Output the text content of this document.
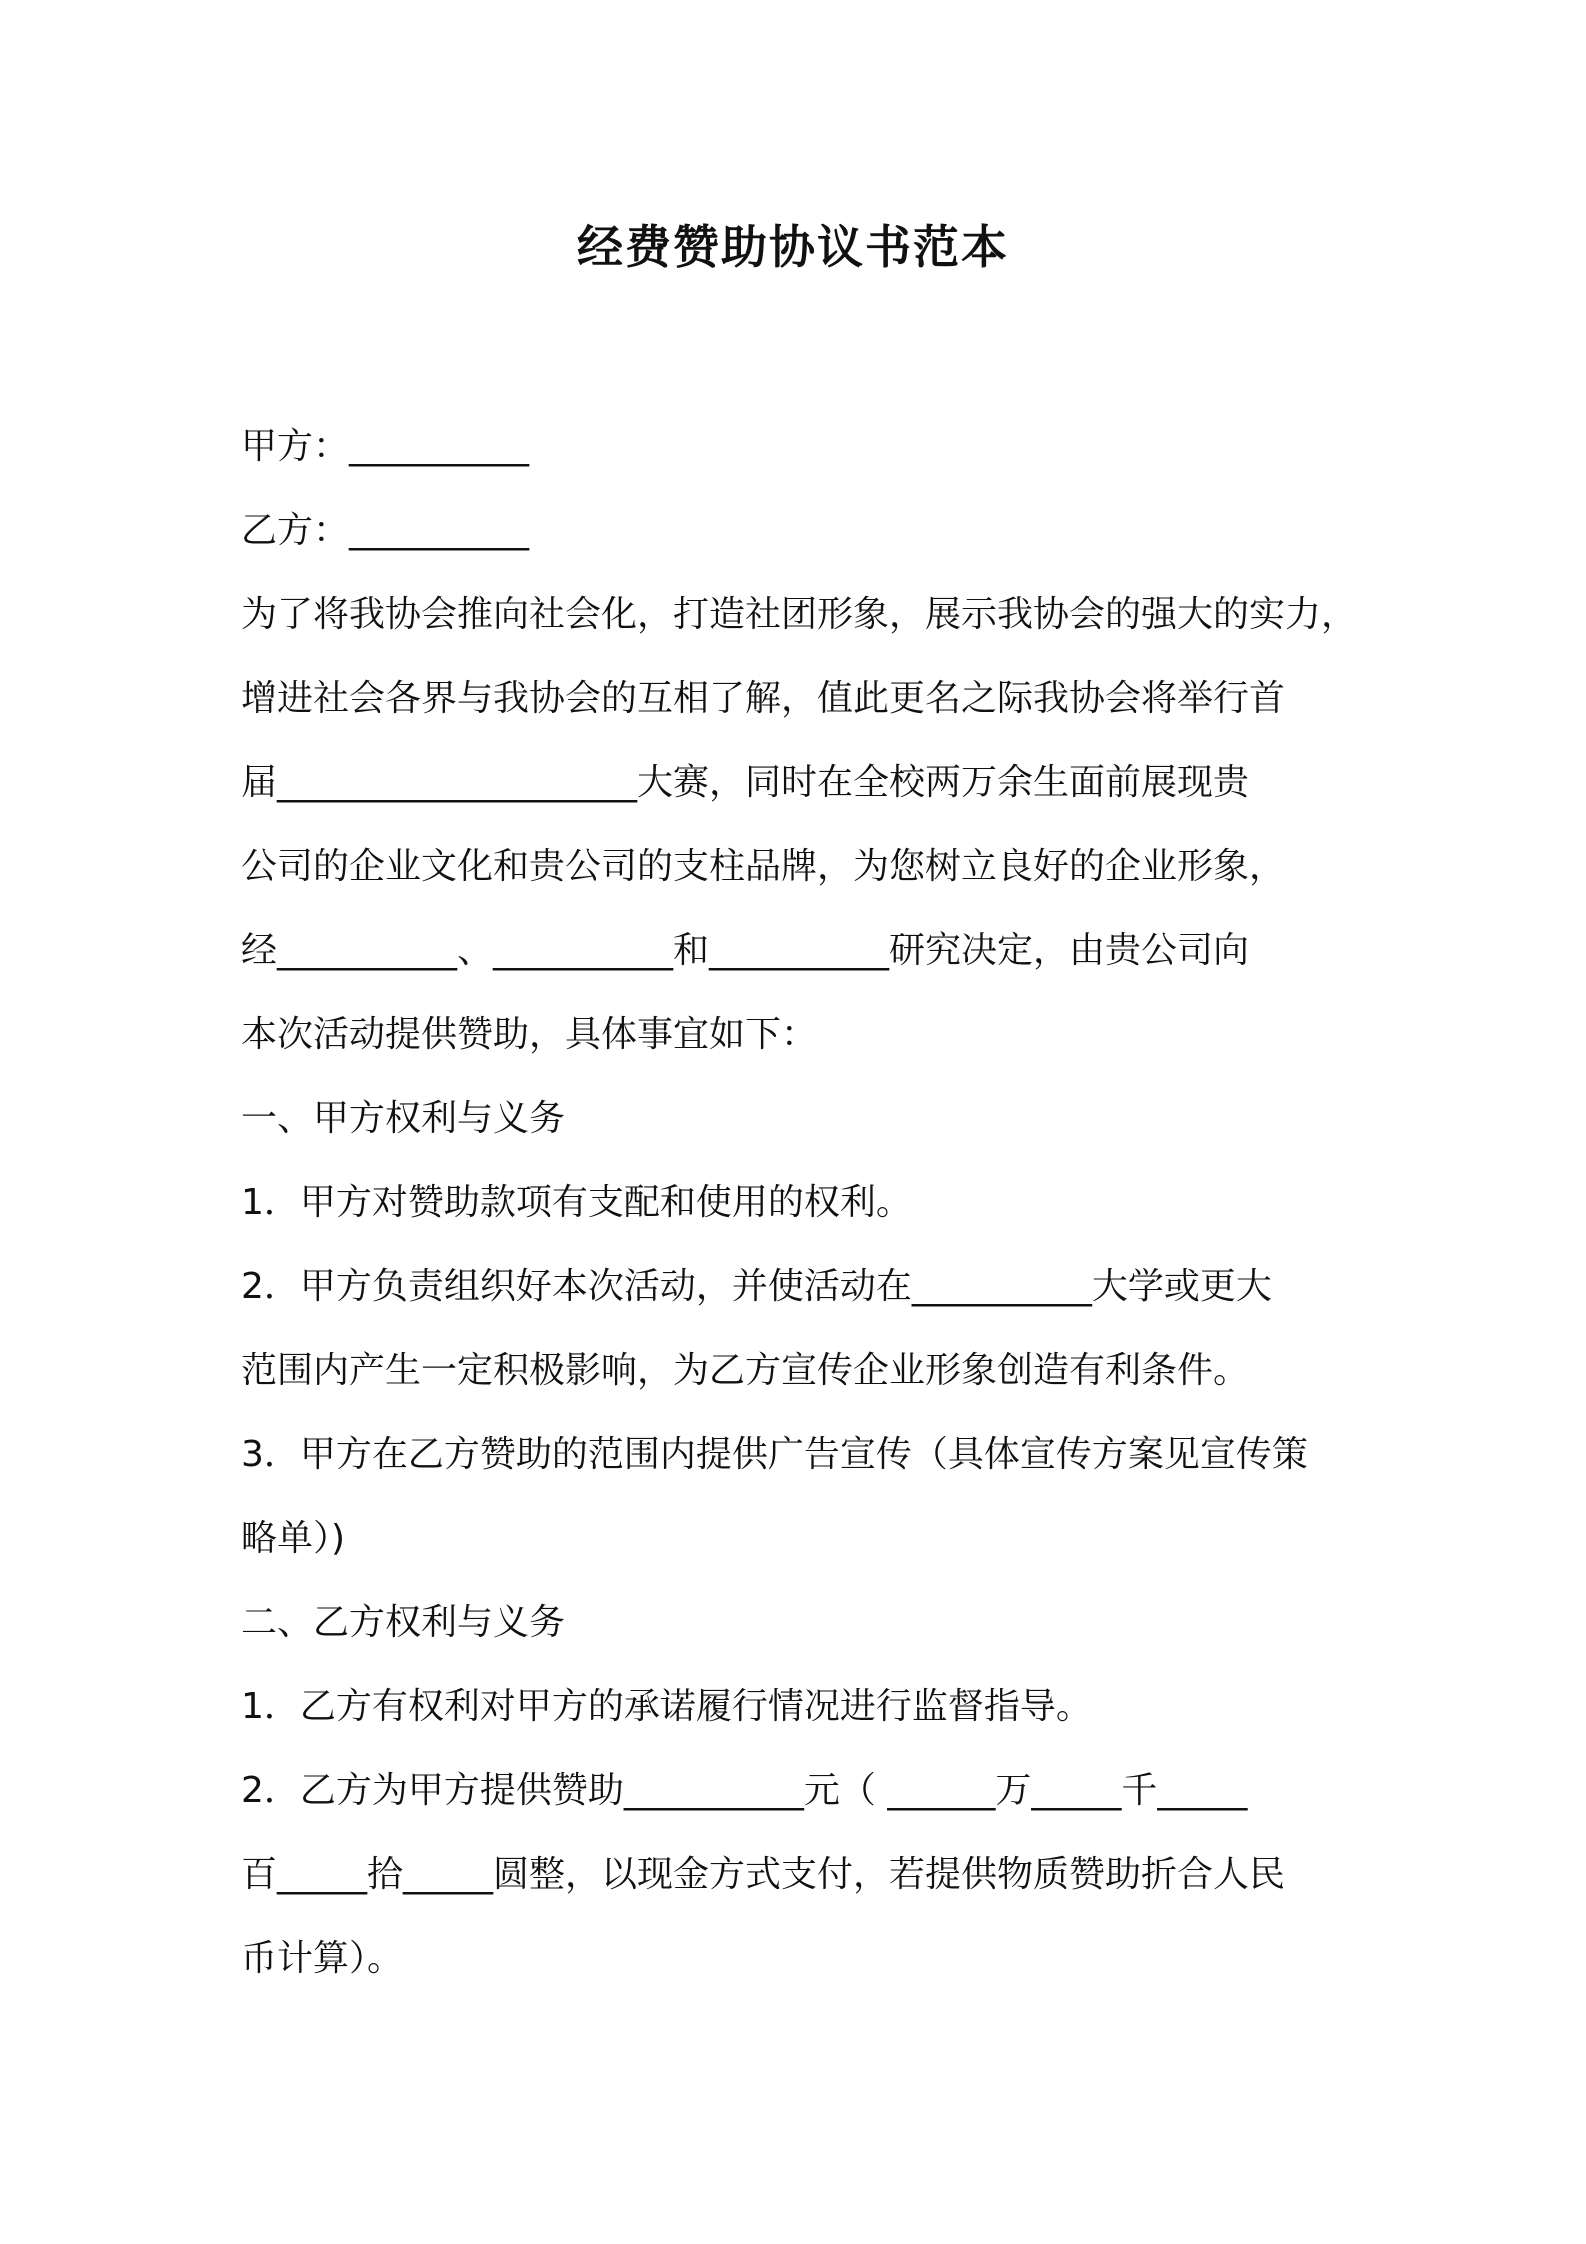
经费赞助协议书范本
甲方：__________
乙方：__________
为了将我协会推向社会化，打造社团形象，展示我协会的强大的实力，
增进社会各界与我协会的互相了解，值此更名之际我协会将举行首
届____________________大赛，同时在全校两万余生面前展现贵
公司的企业文化和贵公司的支柱品牌，为您树立良好的企业形象，
经__________、__________和__________研究决定，由贵公司向
本次活动提供赞助，具体事宜如下：
一、甲方权利与义务
1．甲方对赞助款项有支配和使用的权利。
2．甲方负责组织好本次活动，并使活动在__________大学或更大
范围内产生一定积极影响，为乙方宣传企业形象创造有利条件。
3．甲方在乙方赞助的范围内提供广告宣传（具体宣传方案见宣传策
略单）)
二、乙方权利与义务
1．乙方有权利对甲方的承诺履行情况进行监督指导。
2．乙方为甲方提供赞助__________元（ ______万_____千_____
百_____拾_____圆整，以现金方式支付，若提供物质赞助折合人民
币计算）。
